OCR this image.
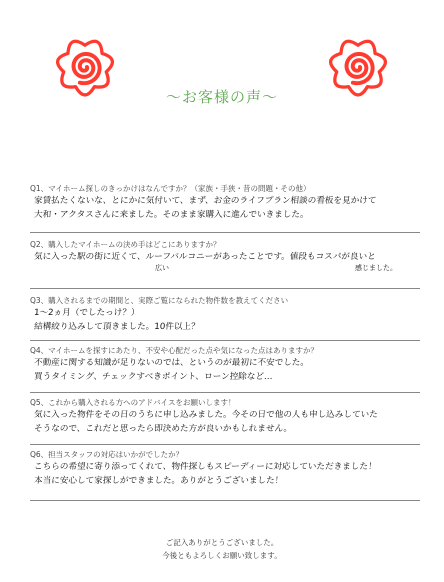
〜お客様の声〜
Q1、マイホーム探しのきっかけはなんですか？（家族・手狭・昔の問題・その他）
家賃払たくないな、とにかに気付いて、まず、お金のライフプラン相談の看板を見かけて
大和・アクタスさんに来ました。そのまま家購入に進んでいきました。
Q2、購入したマイホームの決め手はどこにありますか？
気に入った駅の街に近くて、ルーフバルコニーがあったことです。値段もコスパが良いと
広い	感じました。
Q3、購入されるまでの期間と、実際ご覧になられた物件数を教えてください
1〜2ヵ月（でしたっけ？）
結構絞り込みして頂きました。10件以上？
Q4、マイホームを探すにあたり、不安や心配だった点や気になった点はありますか？
不動産に関する知識が足りないのでは、というのが最初に不安でした。
買うタイミング、チェックすべきポイント、ローン控除など…
Q5、これから購入される方へのアドバイスをお願いします！
気に入った物件をその日のうちに申し込みました。今その日で他の人も申し込みしていた
そうなので、これだと思ったら即決めた方が良いかもしれません。
Q6、担当スタッフの対応はいかがでしたか？
こちらの希望に寄り添ってくれて、物件探しもスピーディーに対応していただきました！
本当に安心して家探しができました。ありがとうございました！
ご記入ありがとうございました。
今後ともよろしくお願い致します。
